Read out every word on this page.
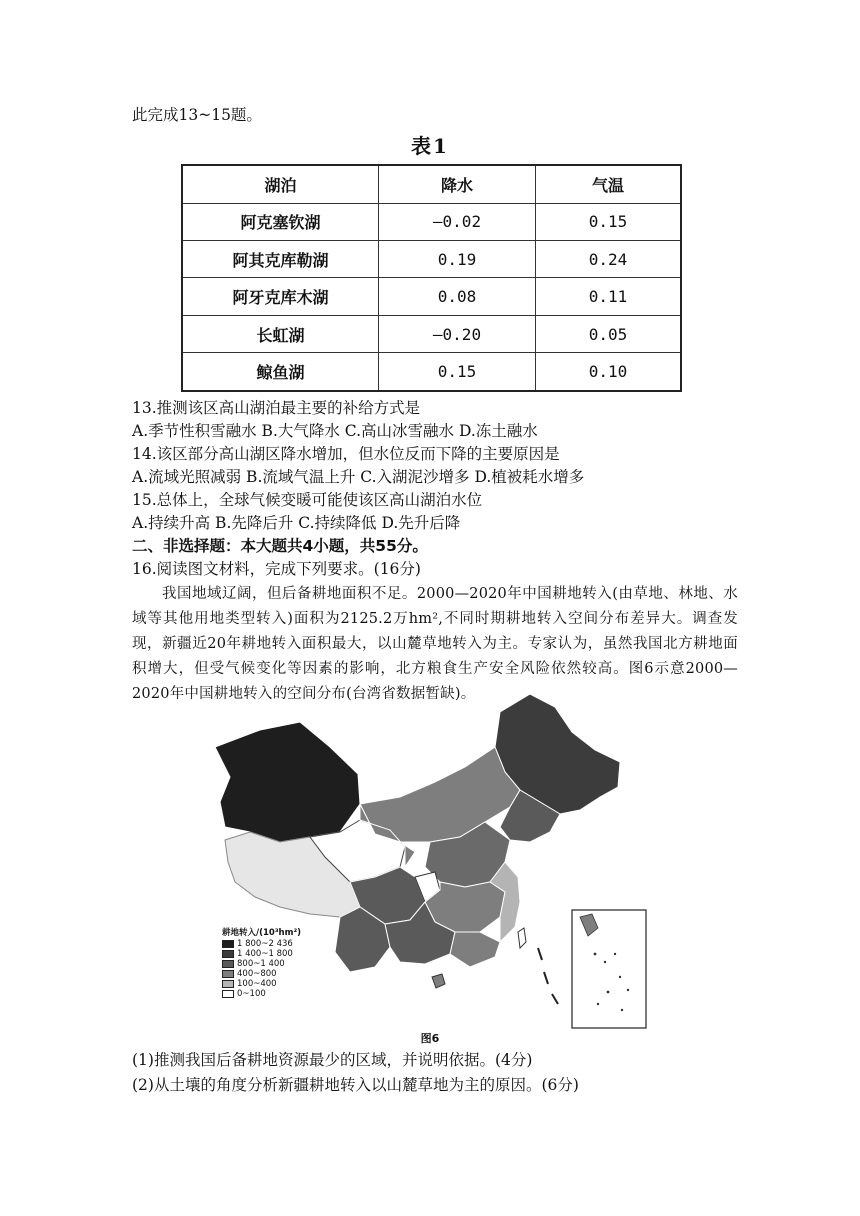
此完成13~15题。
表1
湖泊	降水	气温
阿克塞钦湖	—0.02	0.15
阿其克库勒湖	0.19	0.24
阿牙克库木湖	0.08	0.11
长虹湖	—0.20	0.05
鲸鱼湖	0.15	0.10
13.推测该区高山湖泊最主要的补给方式是
A.季节性积雪融水 B.大气降水 C.高山冰雪融水 D.冻土融水
14.该区部分高山湖区降水增加，但水位反而下降的主要原因是
A.流域光照减弱 B.流域气温上升 C.入湖泥沙增多 D.植被耗水增多
15.总体上，全球气候变暖可能使该区高山湖泊水位
A.持续升高 B.先降后升 C.持续降低 D.先升后降
二、非选择题：本大题共4小题，共55分。
16.阅读图文材料，完成下列要求。(16分)

我国地域辽阔，但后备耕地面积不足。2000—2020年中国耕地转入(由草地、林地、水域等其他用地类型转入)面积为2125.2万hm²,不同时期耕地转入空间分布差异大。调查发现，新疆近20年耕地转入面积最大，以山麓草地转入为主。专家认为，虽然我国北方耕地面积增大，但受气候变化等因素的影响，北方粮食生产安全风险依然较高。图6示意2000—2020年中国耕地转入的空间分布(台湾省数据暂缺)。

耕地转入/(10³hm²)
1 800~2 436
1 400~1 800
800~1 400
400~800
100~400
0~100
图6
(1)推测我国后备耕地资源最少的区域，并说明依据。(4分)
(2)从土壤的角度分析新疆耕地转入以山麓草地为主的原因。(6分)
